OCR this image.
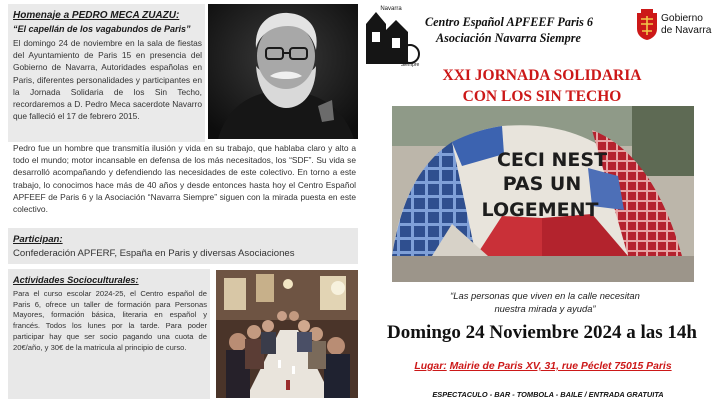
Homenaje a PEDRO MECA ZUAZU:
“El capellán de los vagabundos de Paris”
El domingo 24 de noviembre en la sala de fiestas del Ayuntamiento de Paris 15 en presencia del Gobierno de Navarra, Autoridades españolas en Paris, diferentes personalidades y participantes en la Jornada Solidaria de los Sin Techo, recordaremos a D. Pedro Meca sacerdote Navarro que falleció el 17 de febrero 2015.
Pedro fue un hombre que transmitía ilusión y vida en su trabajo, que hablaba claro y alto a todo el mundo; motor incansable en defensa de los más necesitados, los “SDF”. Su vida se desarrolló acompañando y defendiendo las necesidades de este colectivo. En torno a este trabajo, lo conocimos hace más de 40 años y desde entonces hasta hoy el Centro Español APFEEF de Paris 6 y la Asociación “Navarra Siempre” siguen con la mirada puesta en este colectivo.
Participan:
Confederación APFERF, España en Paris y diversas Asociaciones
Actividades Socioculturales:
Para el curso escolar 2024-25, el Centro español de Paris 6, ofrece un taller de formación para Personas Mayores, formación básica, literaria en español y francés. Todos los lunes por la tarde. Para poder participar hay que ser socio pagando una cuota de 20€/año, y 30€ de la matricula al principio de curso.
Navarra
Siempre
Centro Español APFEEF Paris 6
Asociación Navarra Siempre
Gobierno
de Navarra
XXI JORNADA SOLIDARIA
CON LOS SIN TECHO
CECI NEST
PAS UN
LOGEMENT
“Las personas que viven en la calle necesitan
nuestra mirada y ayuda”
Domingo 24 Noviembre 2024 a las 14h
Lugar: Mairie de Paris XV, 31, rue Péclet 75015 Paris
ESPECTACULO - BAR - TOMBOLA - BAILE / ENTRADA GRATUITA
